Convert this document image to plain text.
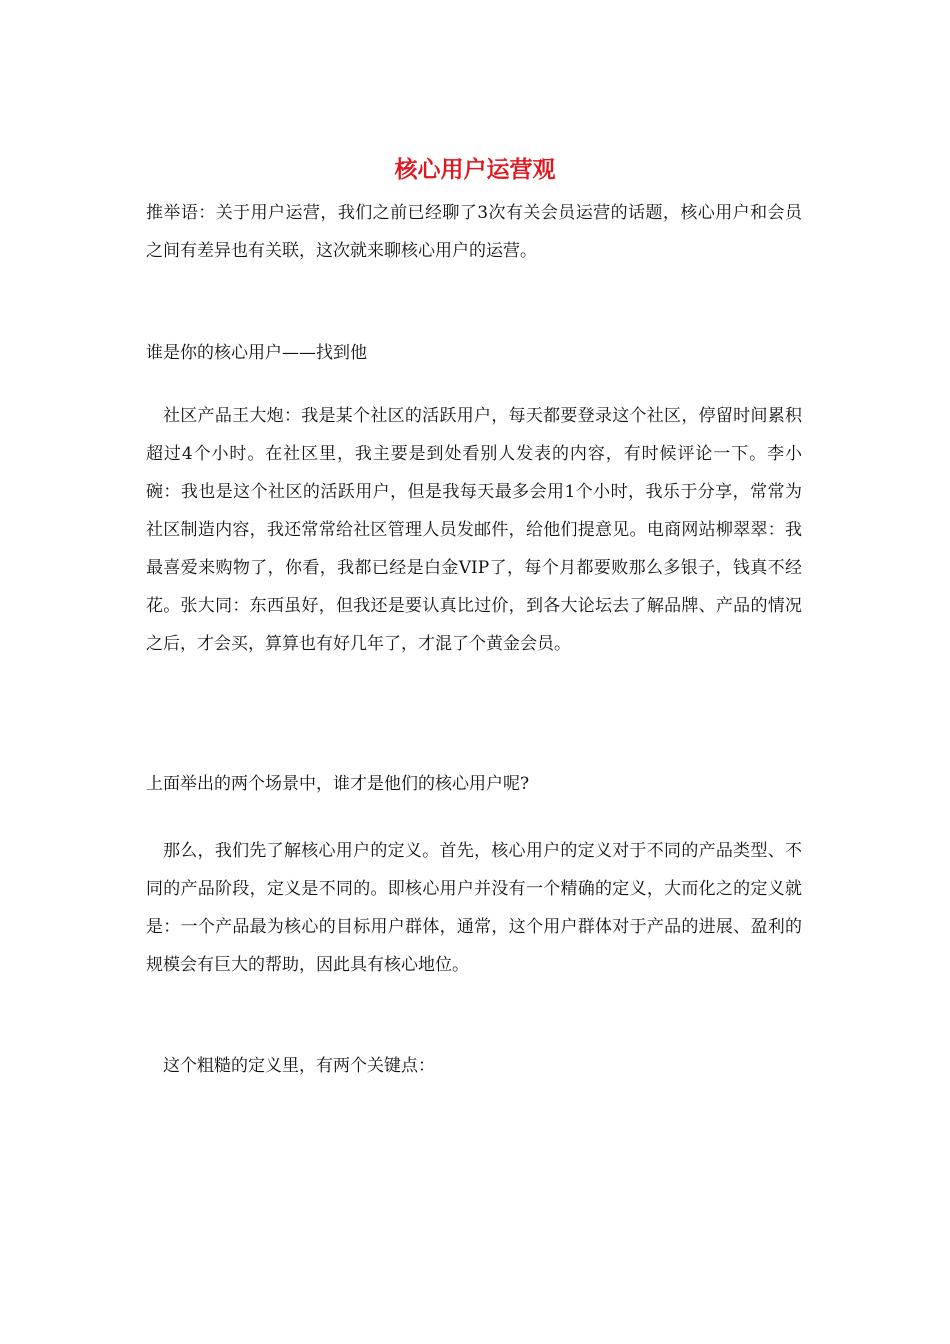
核心用户运营观

推举语：关于用户运营，我们之前已经聊了3次有关会员运营的话题，核心用户和会员之间有差异也有关联，这次就来聊核心用户的运营。

谁是你的核心用户——找到他

社区产品王大炮：我是某个社区的活跃用户，每天都要登录这个社区，停留时间累积超过4个小时。在社区里，我主要是到处看别人发表的内容，有时候评论一下。李小碗：我也是这个社区的活跃用户，但是我每天最多会用1个小时，我乐于分享，常常为社区制造内容，我还常常给社区管理人员发邮件，给他们提意见。电商网站柳翠翠：我最喜爱来购物了，你看，我都已经是白金VIP了，每个月都要败那么多银子，钱真不经花。张大同：东西虽好，但我还是要认真比过价，到各大论坛去了解品牌、产品的情况之后，才会买，算算也有好几年了，才混了个黄金会员。

上面举出的两个场景中，谁才是他们的核心用户呢?

那么，我们先了解核心用户的定义。首先，核心用户的定义对于不同的产品类型、不同的产品阶段，定义是不同的。即核心用户并没有一个精确的定义，大而化之的定义就是：一个产品最为核心的目标用户群体，通常，这个用户群体对于产品的进展、盈利的规模会有巨大的帮助，因此具有核心地位。

这个粗糙的定义里，有两个关键点：
